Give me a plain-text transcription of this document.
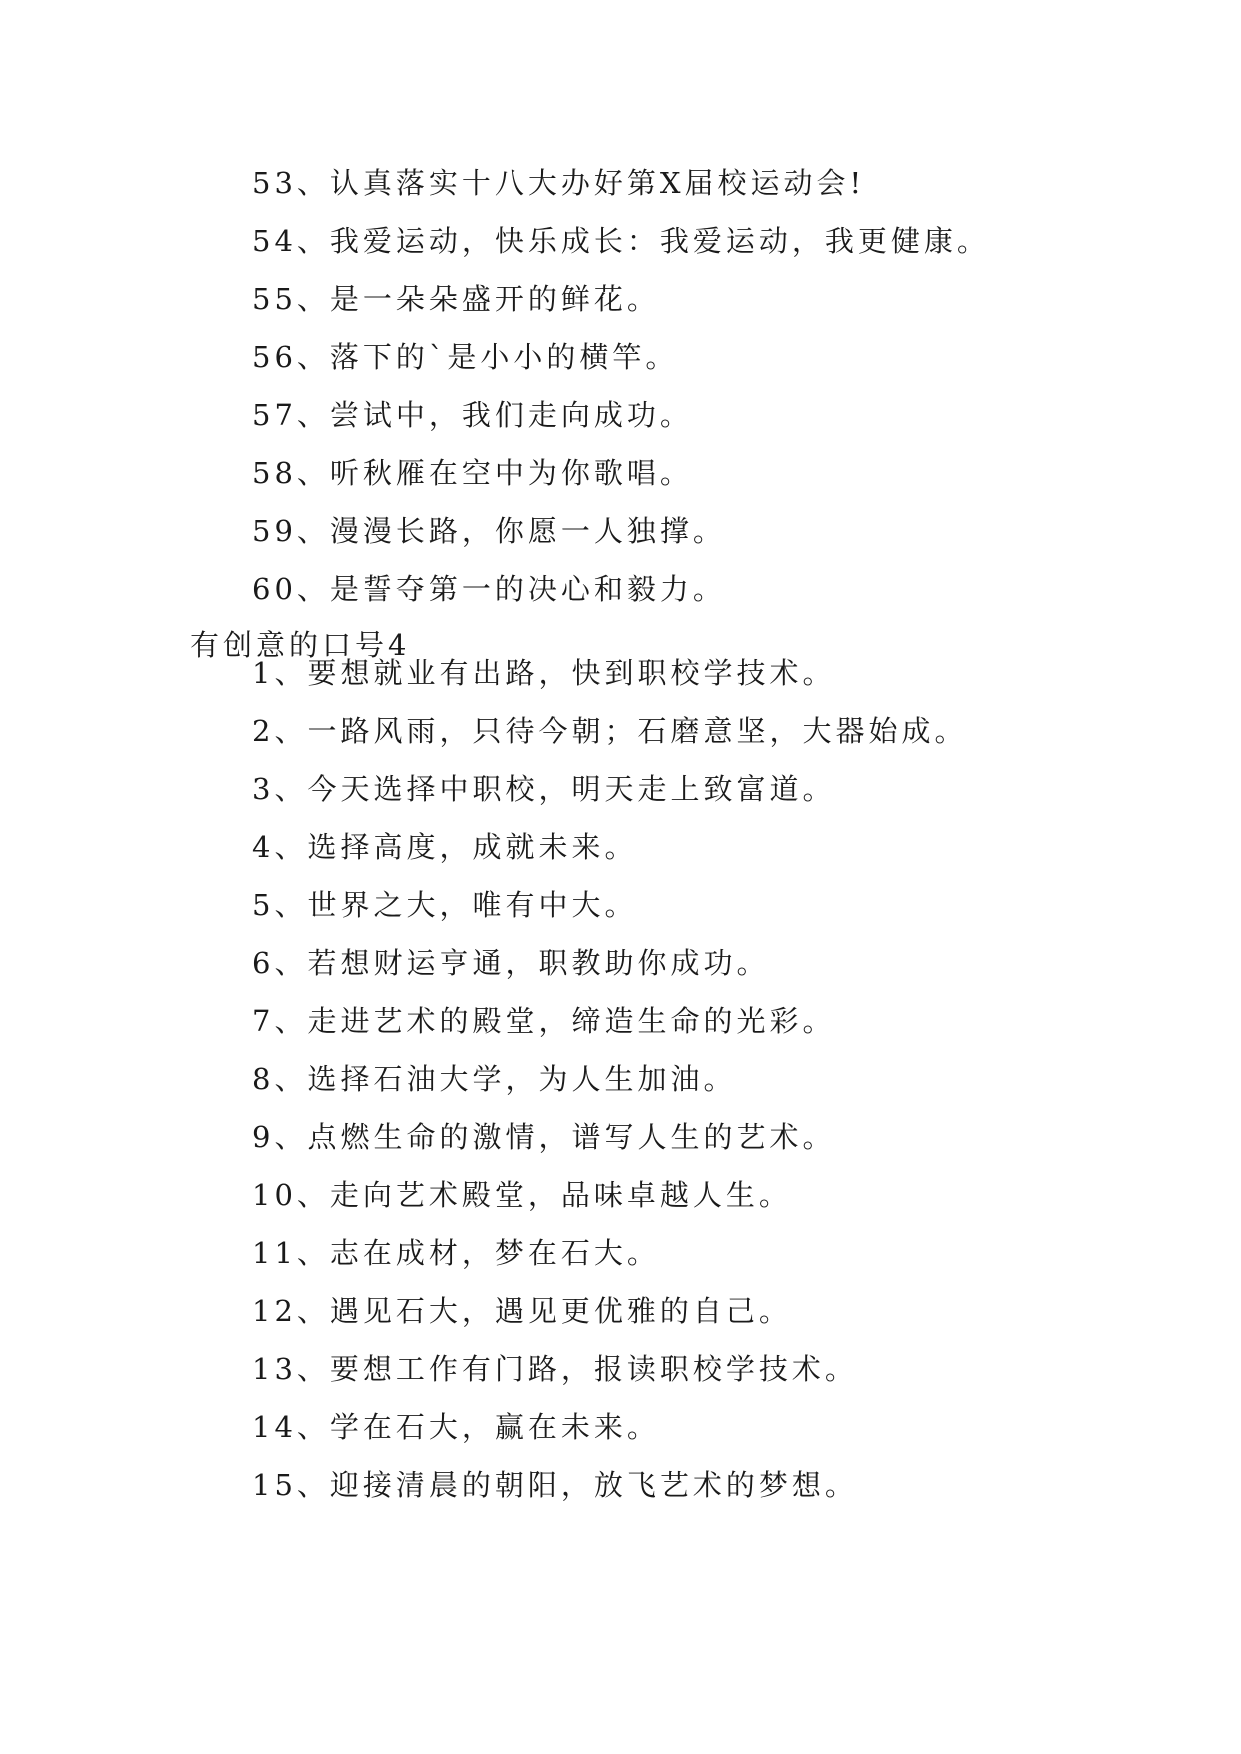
53、认真落实十八大办好第X届校运动会!
54、我爱运动，快乐成长：我爱运动，我更健康。
55、是一朵朵盛开的鲜花。
56、落下的`是小小的横竿。
57、尝试中，我们走向成功。
58、听秋雁在空中为你歌唱。
59、漫漫长路，你愿一人独撑。
60、是誓夺第一的决心和毅力。
有创意的口号4
1、要想就业有出路，快到职校学技术。
2、一路风雨，只待今朝；石磨意坚，大器始成。
3、今天选择中职校，明天走上致富道。
4、选择高度，成就未来。
5、世界之大，唯有中大。
6、若想财运亨通，职教助你成功。
7、走进艺术的殿堂，缔造生命的光彩。
8、选择石油大学，为人生加油。
9、点燃生命的激情，谱写人生的艺术。
10、走向艺术殿堂，品味卓越人生。
11、志在成材，梦在石大。
12、遇见石大，遇见更优雅的自己。
13、要想工作有门路，报读职校学技术。
14、学在石大，赢在未来。
15、迎接清晨的朝阳，放飞艺术的梦想。
